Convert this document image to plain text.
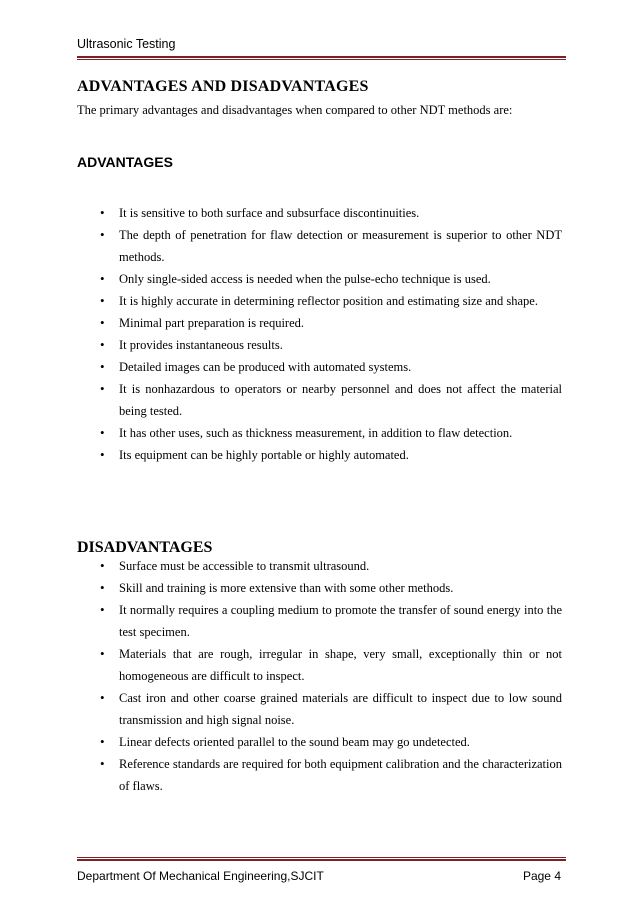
Ultrasonic Testing
ADVANTAGES AND DISADVANTAGES
The primary advantages and disadvantages when compared to other NDT methods are:
ADVANTAGES
• It is sensitive to both surface and subsurface discontinuities.
• The depth of penetration for flaw detection or measurement is superior to other NDT methods.
• Only single-sided access is needed when the pulse-echo technique is used.
• It is highly accurate in determining reflector position and estimating size and shape.
• Minimal part preparation is required.
• It provides instantaneous results.
• Detailed images can be produced with automated systems.
• It is nonhazardous to operators or nearby personnel and does not affect the material being tested.
• It has other uses, such as thickness measurement, in addition to flaw detection.
• Its equipment can be highly portable or highly automated.
DISADVANTAGES
• Surface must be accessible to transmit ultrasound.
• Skill and training is more extensive than with some other methods.
• It normally requires a coupling medium to promote the transfer of sound energy into the test specimen.
• Materials that are rough, irregular in shape, very small, exceptionally thin or not homogeneous are difficult to inspect.
• Cast iron and other coarse grained materials are difficult to inspect due to low sound transmission and high signal noise.
• Linear defects oriented parallel to the sound beam may go undetected.
• Reference standards are required for both equipment calibration and the characterization of flaws.
Department Of Mechanical Engineering,SJCIT	Page 4
